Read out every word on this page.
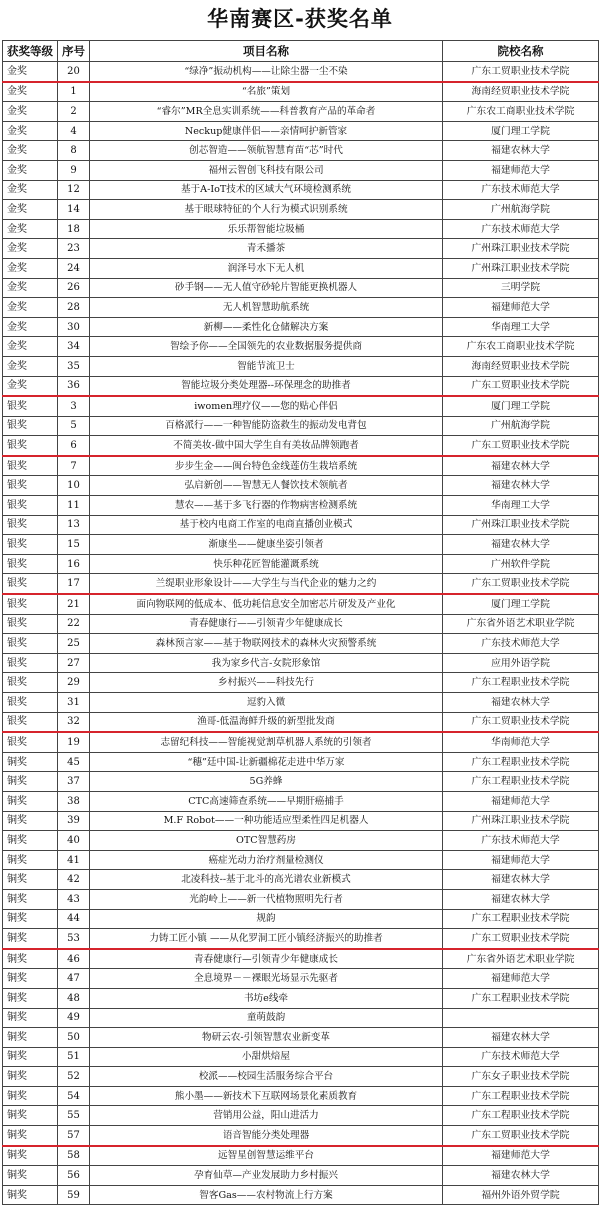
华南赛区-获奖名单
获奖等级	序号	项目名称	院校名称
金奖	20	“绿净”振动机构——让除尘器一尘不染	广东工贸职业技术学院
金奖	1	“名旅”策划	海南经贸职业技术学院
金奖	2	“睿尔”MR全息实训系统——科普教育产品的革命者	广东农工商职业技术学院
金奖	4	Neckup健康伴侣——亲情呵护新管家	厦门理工学院
金奖	8	创芯智造——领航智慧育苗“芯”时代	福建农林大学
金奖	9	福州云智创飞科技有限公司	福建师范大学
金奖	12	基于A-IoT技术的区域大气环境检测系统	广东技术师范大学
金奖	14	基于眼球特征的个人行为模式识别系统	广州航海学院
金奖	18	乐乐帮智能垃圾桶	广东技术师范大学
金奖	23	青禾播茶	广州珠江职业技术学院
金奖	24	润泽号水下无人机	广州珠江职业技术学院
金奖	26	砂手钢——无人值守砂轮片智能更换机器人	三明学院
金奖	28	无人机智慧助航系统	福建师范大学
金奖	30	新柳——柔性化仓储解决方案	华南理工大学
金奖	34	智绘予你——全国领先的农业数据服务提供商	广东农工商职业技术学院
金奖	35	智能节流卫士	海南经贸职业技术学院
金奖	36	智能垃圾分类处理器--环保理念的助推者	广东工贸职业技术学院
银奖	3	iwomen理疗仪——您的贴心伴侣	厦门理工学院
银奖	5	百格派行——一种智能防盗救生的振动发电背包	广州航海学院
银奖	6	不简美妆-做中国大学生自有美妆品牌领跑者	广东工贸职业技术学院
银奖	7	步步生金——闽台特色金线莲仿生栽培系统	福建农林大学
银奖	10	弘启新创——智慧无人餐饮技术领航者	福建农林大学
银奖	11	慧农——基于多飞行器的作物病害检测系统	华南理工大学
银奖	13	基于校内电商工作室的电商直播创业模式	广州珠江职业技术学院
银奖	15	渐康坐——健康坐姿引领者	福建农林大学
银奖	16	快乐种花匠智能灌溉系统	广州软件学院
银奖	17	兰缇职业形象设计——大学生与当代企业的魅力之约	广东工贸职业技术学院
银奖	21	面向物联网的低成本、低功耗信息安全加密芯片研发及产业化	厦门理工学院
银奖	22	青春健康行——引领青少年健康成长	广东省外语艺术职业学院
银奖	25	森林预言家——基于物联网技术的森林火灾预警系统	广东技术师范大学
银奖	27	我为家乡代言-女院形象馆	应用外语学院
银奖	29	乡村振兴——科技先行	广东工程职业技术学院
银奖	31	逗豹入微	福建农林大学
银奖	32	渔哥-低温海鲜升级的新型批发商	广东工贸职业技术学院
银奖	19	志留纪科技——智能视觉割草机器人系统的引领者	华南师范大学
铜奖	45	“穗”廷中国-让新疆棉花走进中华万家	广东工程职业技术学院
铜奖	37	5G养蜂	广东工程职业技术学院
铜奖	38	CTC高速筛查系统——早期肝癌捕手	福建师范大学
铜奖	39	M.F Robot——一种功能适应型柔性四足机器人	广州珠江职业技术学院
铜奖	40	OTC智慧药房	广东技术师范大学
铜奖	41	癌症光动力治疗剂量检测仪	福建师范大学
铜奖	42	北凌科技--基于北斗的高光谱农业新模式	福建农林大学
铜奖	43	光韵岭上——新一代植物照明先行者	福建农林大学
铜奖	44	规韵	广东工程职业技术学院
铜奖	53	力铸工匠小镇 ——从化罗洞工匠小镇经济振兴的助推者	广东工贸职业技术学院
铜奖	46	青春健康行—引领青少年健康成长	广东省外语艺术职业学院
铜奖	47	全息境界－－裸眼光场显示先驱者	福建师范大学
铜奖	48	书坊e线牵	广东工程职业技术学院
铜奖	49	童萌鼓韵	
铜奖	50	物研云农-引领智慧农业新变革	福建农林大学
铜奖	51	小甜烘焙屋	广东技术师范大学
铜奖	52	校派——校园生活服务综合平台	广东女子职业技术学院
铜奖	54	熊小墨——新技术下互联网场景化素质教育	广东工程职业技术学院
铜奖	55	营销用公益，阳山进活力	广东工程职业技术学院
铜奖	57	语音智能分类处理器	广东工贸职业技术学院
铜奖	58	远智星创智慧运维平台	福建师范大学
铜奖	56	孕育仙草—产业发展助力乡村振兴	福建农林大学
铜奖	59	智客Gas——农村物流上行方案	福州外语外贸学院
